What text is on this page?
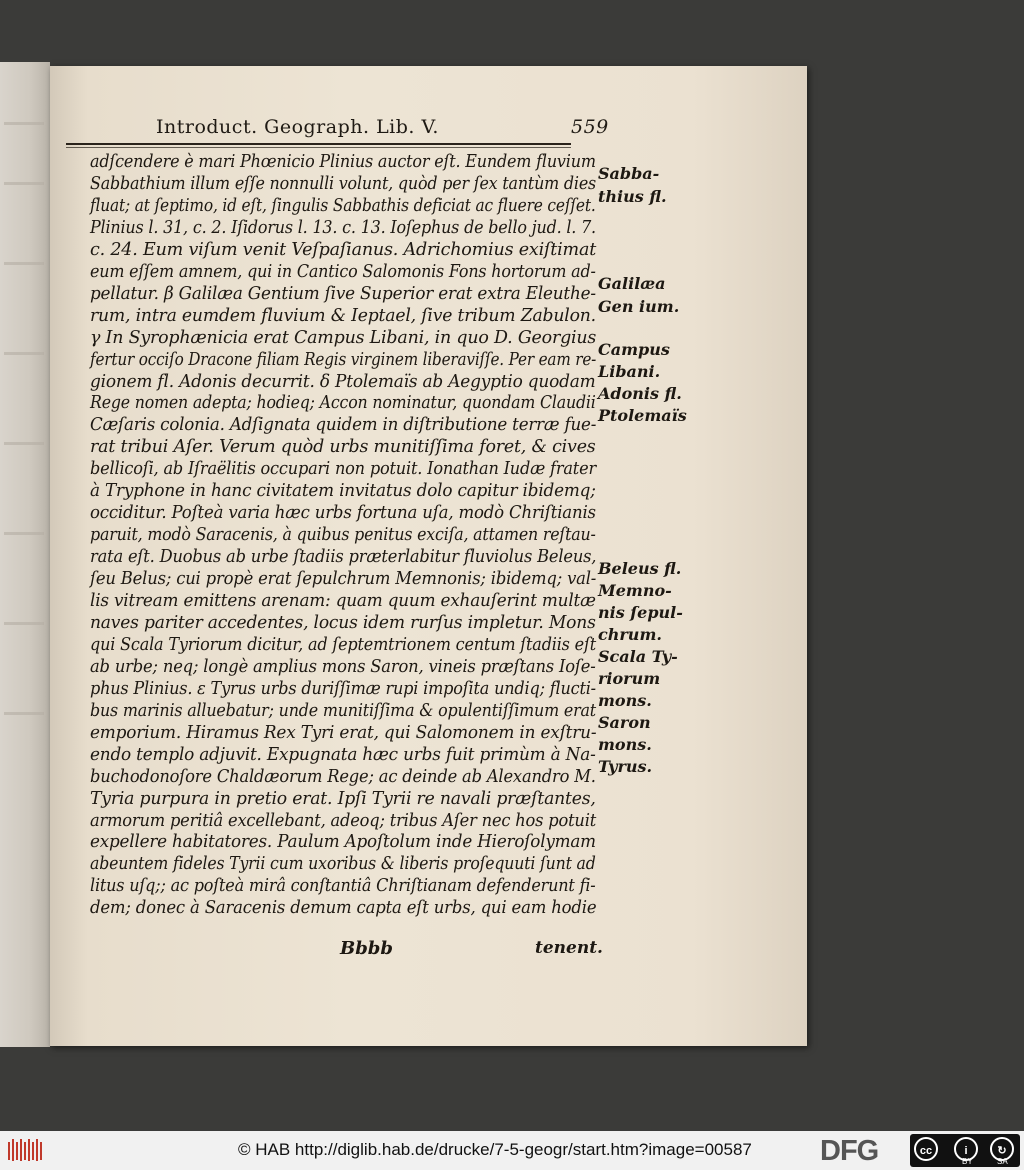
Introduct. Geograph. Lib. V.	559
adſcendere è mari Phœnicio Plinius auctor eſt. Eundem fluvium
Sabbathium illum eſſe nonnulli volunt, quòd per ſex tantùm dies
fluat; at ſeptimo, id eſt, ſingulis Sabbathis deficiat ac fluere ceſſet.
Plinius l. 31, c. 2. Iſidorus l. 13. c. 13. Ioſephus de bello jud. l. 7.
c. 24. Eum viſum venit Veſpaſianus. Adrichomius exiſtimat
eum eſſem amnem, qui in Cantico Salomonis Fons hortorum ad-
pellatur. β Galilæa Gentium ſive Superior erat extra Eleuthe-
rum, intra eumdem fluvium & Ieptael, ſive tribum Zabulon.
γ In Syrophænicia erat Campus Libani, in quo D. Georgius
fertur occiſo Dracone filiam Regis virginem liberaviſſe. Per eam re-
gionem fl. Adonis decurrit. δ Ptolemaïs ab Aegyptio quodam
Rege nomen adepta; hodieq; Accon nominatur, quondam Claudii
Cæſaris colonia. Adſignata quidem in diſtributione terræ fue-
rat tribui Aſer. Verum quòd urbs munitiſſima foret, & cives
bellicoſi, ab Iſraëlitis occupari non potuit. Ionathan Iudæ frater
à Tryphone in hanc civitatem invitatus dolo capitur ibidemq;
occiditur. Poſteà varia hæc urbs fortuna uſa, modò Chriſtianis
paruit, modò Saracenis, à quibus penitus exciſa, attamen reſtau-
rata eſt. Duobus ab urbe ſtadiis præterlabitur fluviolus Beleus,
ſeu Belus; cui propè erat ſepulchrum Memnonis; ibidemq; val-
lis vitream emittens arenam: quam quum exhauſerint multæ
naves pariter accedentes, locus idem rurſus impletur. Mons
qui Scala Tyriorum dicitur, ad ſeptemtrionem centum ſtadiis eſt
ab urbe; neq; longè amplius mons Saron, vineis præſtans Ioſe-
phus Plinius. ε Tyrus urbs duriſſimæ rupi impoſita undiq; flucti-
bus marinis alluebatur; unde munitiſſima & opulentiſſimum erat
emporium. Hiramus Rex Tyri erat, qui Salomonem in exſtru-
endo templo adjuvit. Expugnata hæc urbs fuit primùm à Na-
buchodonoſore Chaldæorum Rege; ac deinde ab Alexandro M.
Tyria purpura in pretio erat. Ipſi Tyrii re navali præſtantes,
armorum peritiâ excellebant, adeoq; tribus Aſer nec hos potuit
expellere habitatores. Paulum Apoſtolum inde Hieroſolymam
abeuntem fideles Tyrii cum uxoribus & liberis proſequuti ſunt ad
litus uſq;; ac poſteà mirâ conſtantiâ Chriſtianam defenderunt fi-
dem; donec à Saracenis demum capta eſt urbs, qui eam hodie
Sabba-
thius fl.
Galilæa
Gen ium.
Campus
Libani.
Adonis fl.
Ptolemaïs
Beleus fl.
Memno-
nis ſepul-
chrum.
Scala Ty-
riorum
mons.
Saron
mons.
Tyrus.
Bbbb	tenent.
© HAB http://diglib.hab.de/drucke/7-5-geogr/start.htm?image=00587 DFG	cc	i	↻
BY	SA
